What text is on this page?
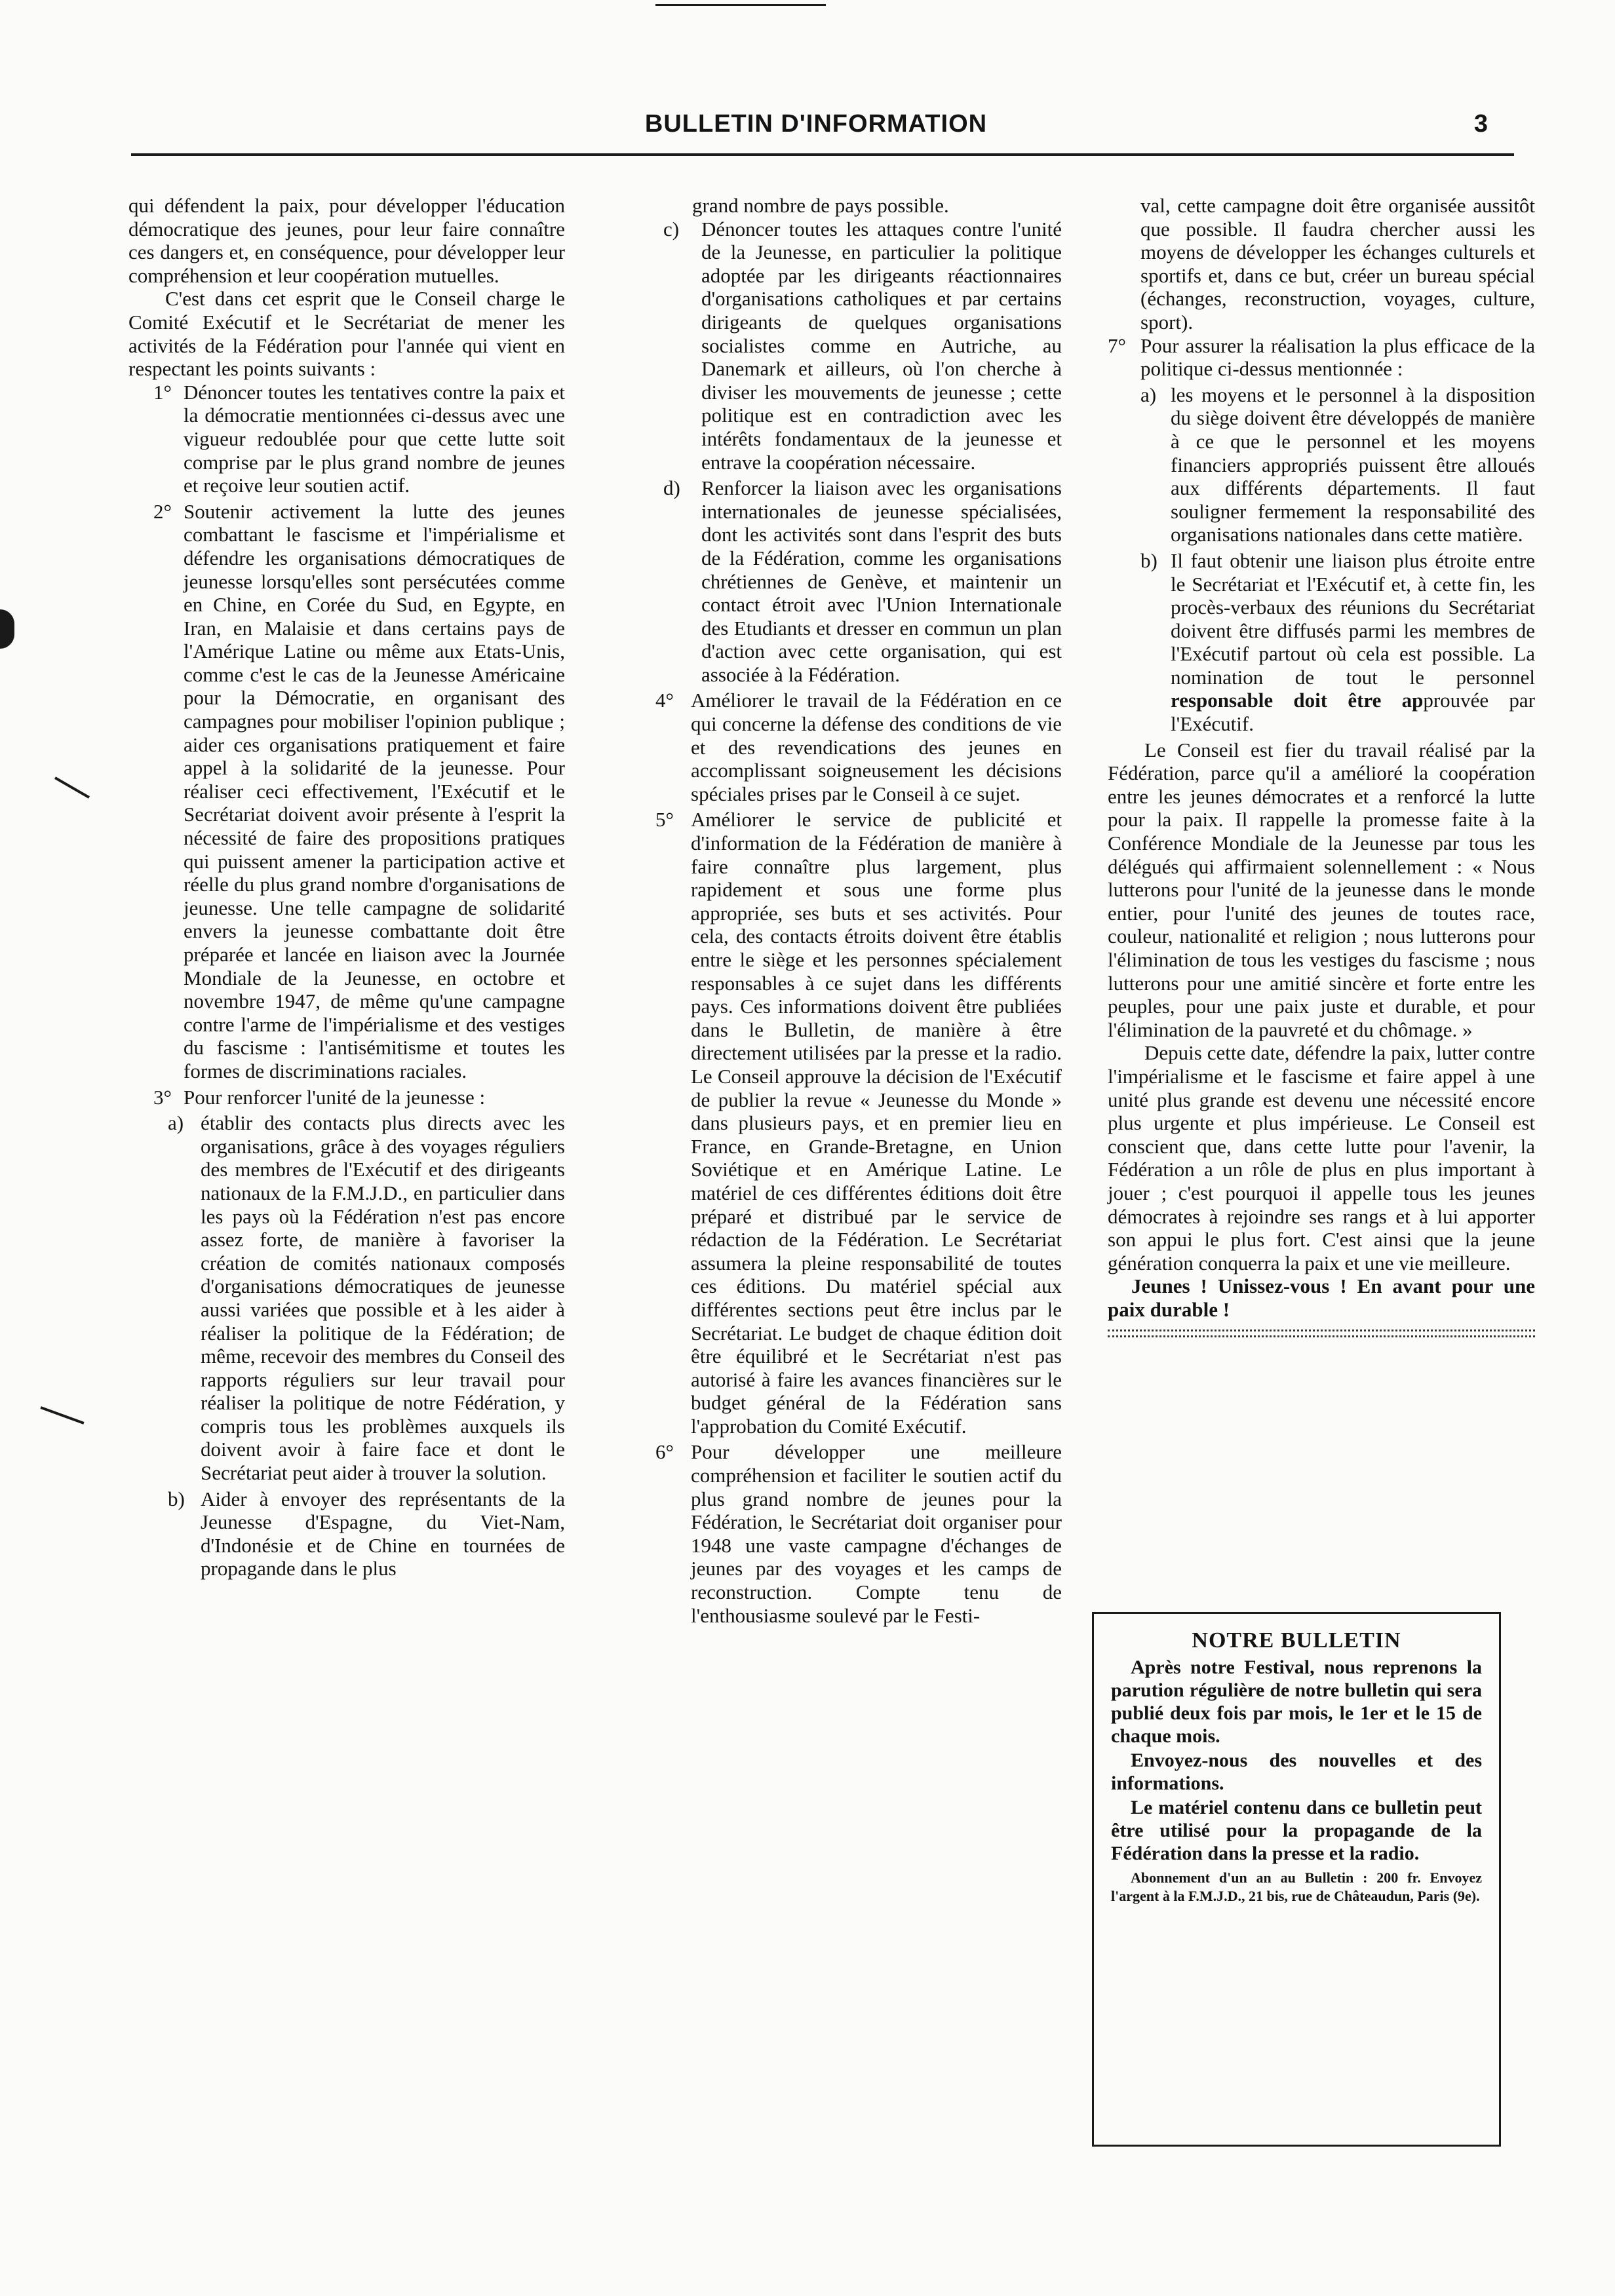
BULLETIN D'INFORMATION	3

qui défendent la paix, pour développer l'éducation démocratique des jeunes, pour leur faire connaître ces dangers et, en conséquence, pour développer leur compréhension et leur coopération mutuelles.

C'est dans cet esprit que le Conseil charge le Comité Exécutif et le Secrétariat de mener les activités de la Fédération pour l'année qui vient en respectant les points suivants :

1° Dénoncer toutes les tentatives contre la paix et la démocratie mentionnées ci-dessus avec une vigueur redoublée pour que cette lutte soit comprise par le plus grand nombre de jeunes et reçoive leur soutien actif.
2° Soutenir activement la lutte des jeunes combattant le fascisme et l'impérialisme et défendre les organisations démocratiques de jeunesse lorsqu'elles sont persécutées comme en Chine, en Corée du Sud, en Egypte, en Iran, en Malaisie et dans certains pays de l'Amérique Latine ou même aux Etats-Unis, comme c'est le cas de la Jeunesse Américaine pour la Démocratie, en organisant des campagnes pour mobiliser l'opinion publique ; aider ces organisations pratiquement et faire appel à la solidarité de la jeunesse. Pour réaliser ceci effectivement, l'Exécutif et le Secrétariat doivent avoir présente à l'esprit la nécessité de faire des propositions pratiques qui puissent amener la participation active et réelle du plus grand nombre d'organisations de jeunesse. Une telle campagne de solidarité envers la jeunesse combattante doit être préparée et lancée en liaison avec la Journée Mondiale de la Jeunesse, en octobre et novembre 1947, de même qu'une campagne contre l'arme de l'impérialisme et des vestiges du fascisme : l'antisémitisme et toutes les formes de discriminations raciales.
3° Pour renforcer l'unité de la jeunesse :
a) établir des contacts plus directs avec les organisations, grâce à des voyages réguliers des membres de l'Exécutif et des dirigeants nationaux de la F.M.J.D., en particulier dans les pays où la Fédération n'est pas encore assez forte, de manière à favoriser la création de comités nationaux composés d'organisations démocratiques de jeunesse aussi variées que possible et à les aider à réaliser la politique de la Fédération; de même, recevoir des membres du Conseil des rapports réguliers sur leur travail pour réaliser la politique de notre Fédération, y compris tous les problèmes auxquels ils doivent avoir à faire face et dont le Secrétariat peut aider à trouver la solution.
b) Aider à envoyer des représentants de la Jeunesse d'Espagne, du Viet-Nam, d'Indonésie et de Chine en tournées de propagande dans le plus

grand nombre de pays possible.

c)	Dénoncer toutes les attaques contre l'unité de la Jeunesse, en particulier la politique adoptée par les dirigeants réactionnaires d'organisations catholiques et par certains dirigeants de quelques organisations socialistes comme en Autriche, au Danemark et ailleurs, où l'on cherche à diviser les mouvements de jeunesse ; cette politique est en contradiction avec les intérêts fondamentaux de la jeunesse et entrave la coopération nécessaire.
d)	Renforcer la liaison avec les organisations internationales de jeunesse spécialisées, dont les activités sont dans l'esprit des buts de la Fédération, comme les organisations chrétiennes de Genève, et maintenir un contact étroit avec l'Union Internationale des Etudiants et dresser en commun un plan d'action avec cette organisation, qui est associée à la Fédération.
4° Améliorer le travail de la Fédération en ce qui concerne la défense des conditions de vie et des revendications des jeunes en accomplissant soigneusement les décisions spéciales prises par le Conseil à ce sujet.
5° Améliorer le service de publicité et d'information de la Fédération de manière à faire connaître plus largement, plus rapidement et sous une forme plus appropriée, ses buts et ses activités. Pour cela, des contacts étroits doivent être établis entre le siège et les personnes spécialement responsables à ce sujet dans les différents pays. Ces informations doivent être publiées dans le Bulletin, de manière à être directement utilisées par la presse et la radio. Le Conseil approuve la décision de l'Exécutif de publier la revue « Jeunesse du Monde » dans plusieurs pays, et en premier lieu en France, en Grande-Bretagne, en Union Soviétique et en Amérique Latine. Le matériel de ces différentes éditions doit être préparé et distribué par le service de rédaction de la Fédération. Le Secrétariat assumera la pleine responsabilité de toutes ces éditions. Du matériel spécial aux différentes sections peut être inclus par le Secrétariat. Le budget de chaque édition doit être équilibré et le Secrétariat n'est pas autorisé à faire les avances financières sur le budget général de la Fédération sans l'approbation du Comité Exécutif.
6° Pour développer une meilleure compréhension et faciliter le soutien actif du plus grand nombre de jeunes pour la Fédération, le Secrétariat doit organiser pour 1948 une vaste campagne d'échanges de jeunes par des voyages et les camps de reconstruction. Compte tenu de l'enthousiasme soulevé par le Festi-

val, cette campagne doit être organisée aussitôt que possible. Il faudra chercher aussi les moyens de développer les échanges culturels et sportifs et, dans ce but, créer un bureau spécial (échanges, reconstruction, voyages, culture, sport).

7° Pour assurer la réalisation la plus efficace de la politique ci-dessus mentionnée :
a) les moyens et le personnel à la disposition du siège doivent être développés de manière à ce que le personnel et les moyens financiers appropriés puissent être alloués aux différents départements. Il faut souligner fermement la responsabilité des organisations nationales dans cette matière.
b) Il faut obtenir une liaison plus étroite entre le Secrétariat et l'Exécutif et, à cette fin, les procès-verbaux des réunions du Secrétariat doivent être diffusés parmi les membres de l'Exécutif partout où cela est possible. La nomination de tout le personnel responsable doit être approuvée par l'Exécutif.

Le Conseil est fier du travail réalisé par la Fédération, parce qu'il a amélioré la coopération entre les jeunes démocrates et a renforcé la lutte pour la paix. Il rappelle la promesse faite à la Conférence Mondiale de la Jeunesse par tous les délégués qui affirmaient solennellement : « Nous lutterons pour l'unité de la jeunesse dans le monde entier, pour l'unité des jeunes de toutes race, couleur, nationalité et religion ; nous lutterons pour l'élimination de tous les vestiges du fascisme ; nous lutterons pour une amitié sincère et forte entre les peuples, pour une paix juste et durable, et pour l'élimination de la pauvreté et du chômage. »

Depuis cette date, défendre la paix, lutter contre l'impérialisme et le fascisme et faire appel à une unité plus grande est devenu une nécessité encore plus urgente et plus impérieuse. Le Conseil est conscient que, dans cette lutte pour l'avenir, la Fédération a un rôle de plus en plus important à jouer ; c'est pourquoi il appelle tous les jeunes démocrates à rejoindre ses rangs et à lui apporter son appui le plus fort. C'est ainsi que la jeune génération conquerra la paix et une vie meilleure.

Jeunes ! Unissez-vous ! En avant pour une paix durable !

NOTRE BULLETIN

Après notre Festival, nous reprenons la parution régulière de notre bulletin qui sera publié deux fois par mois, le 1er et le 15 de chaque mois.

Envoyez-nous des nouvelles et des informations.

Le matériel contenu dans ce bulletin peut être utilisé pour la propagande de la Fédération dans la presse et la radio.

Abonnement d'un an au Bulletin : 200 fr. Envoyez l'argent à la F.M.J.D., 21 bis, rue de Châteaudun, Paris (9e).
